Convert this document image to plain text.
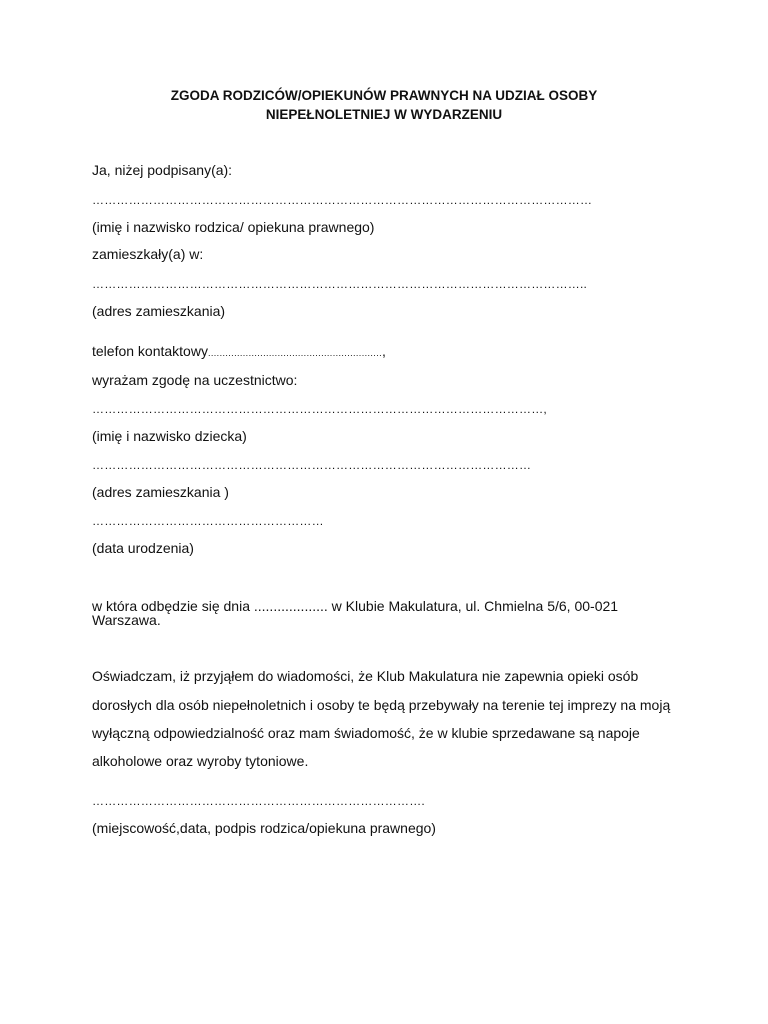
ZGODA RODZICÓW/OPIEKUNÓW PRAWNYCH NA UDZIAŁ OSOBY
NIEPEŁNOLETNIEJ W WYDARZENIU
Ja, niżej podpisany(a):
……………………………………………………………………………………………………………
(imię i nazwisko rodzica/ opiekuna prawnego)
zamieszkały(a) w:
…………………………………………………………………………………………………………..
(adres zamieszkania)
telefon kontaktowy............................................................,
wyrażam zgodę na uczestnictwo:
…………………………………………………………………………………………………,
(imię i nazwisko dziecka)
………………………………………………………………………………………………
(adres zamieszkania )
…………………………………………………
(data urodzenia)
w która odbędzie się dnia ................... w Klubie Makulatura, ul. Chmielna 5/6, 00-021
Warszawa.
Oświadczam, iż przyjąłem do wiadomości, że Klub Makulatura nie zapewnia opieki osób
dorosłych dla osób niepełnoletnich i osoby te będą przebywały na terenie tej imprezy na moją
wyłączną odpowiedzialność oraz mam świadomość, że w klubie sprzedawane są napoje
alkoholowe oraz wyroby tytoniowe.
……………………………………………………………………….
(miejscowość,data, podpis rodzica/opiekuna prawnego)
